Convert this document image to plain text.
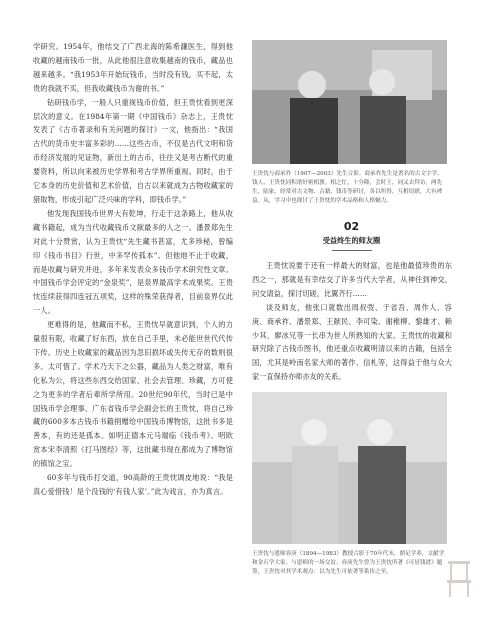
学研究。1954年，他结交了广西北海的陈希濂医生，得到他收藏的越南钱币一批，从此他很注意收集越南的钱币，藏品也越来越多。“我1953年开始玩钱币，当时没有钱，买不起，太贵的我就不买，但我收藏钱币为谢的书。”

钻研钱币学，一般人只重视钱币价值，但王贵忱看到更深层次的意义。在1984年第一期《中国钱币》杂志上，王贵忱发表了《古币著录和有关问题的探讨》一文，他指出：“我国古代的货币史丰富多彩的……这些古币，不仅是古代文明和货币经济发展的见证物，新出土的古币，往往又是考古断代的重要资料，所以向来被历史学界和考古学界所重视。同时，由于它本身的历史价值和艺术价值，自古以来就成为古物收藏家的猎取物，形成引起广泛兴味的学科，即钱币学。”

他发现我国钱币世界大有乾坤，行走于这条路上，他从收藏书籍起，成为当代收藏钱币文献最多的人之一。潘景郑先生对此十分赞赏，认为王贵忱“先生藏书甚富，尤多珍秘，曾编印《钱币书目》行世，中多罕传孤本”。但他地不止于收藏，而是收藏与研究并进，多年来发表众多钱币学术研究性文章。中国钱币学会评定的“金泉奖”，是泉界最高学术成果奖。王贵忱连续获得四连冠五项奖，这样的殊荣获得者，目前泉界仅此一人。

更难得的是，他藏而不私，王贵忱早就意识到，个人的力量很有限，收藏了好东西，放在自己手里，未必能世世代代传下传。历史上收藏家的藏品因为忽旧损坏或失传无存的数则很多。太可惜了。学术乃天下之公器，藏品为人类之财富，唯有化私为公，将这些东西交给国家、社会去管理、珍藏，方可使之为更多的学者后辈所学所用。20世纪90年代，当时已是中国钱币学会理事、广东省钱币学会副会长的王贵忱，将自己珍藏的600多本古钱币书籍捐赠给中国钱币博物馆，这批书多是善本，有的还是孤本。如明正德本元马端临《钱币考》、明欧赏本宋李清照《打马图经》等，这批藏书现在都成为了博物馆的镇馆之宝。

60多年与钱币打交道，90高龄的王贵忱调皮地说：“我是真心爱惜钱！是个没钱的‘有钱人家’。”此为戏言，亦为真言。

王贵忱与商承祚（1907—2003）先生合影。商承祚先生是著名的古文字学、钱人、王贵忱同积谐好密相旗。相之忙，十分隆，会时王，同又去拜访，两先生，陆家，经常对古文物、古籍、钱币等研讨，各以所得，互相切磋，大有裨益。从，学习中也探讨了王贵忱的学术品格和人格魅力。
02
受益终生的师友圈

王贵忱说要于还有一样最大的财富，也是他最值珍贵的东西之一，那就是有幸结交了许多当代大学者，从神往到神交，问交请益，探讨切磋，比翼齐行……

谈及师友，他张口就数出周叔弢、于省吾、周作人、容庚、商承祚、潘景郑、王献民、李可染、谢稚柳、黎雄才、赖少其、廖冰兄等一长串为世人所熟知的大家。王贵忱的收藏和研究除了古钱币图书，他还重点收藏明清以来的古籍，包括全国，尤其是岭南名家大师的著作、信札等，这得益于他与众大家一直保持亦师亦友的关系。

王贵忱与恩师容庚（1894—1983）教授合影于70年代末，鼎足学养，文献学和金石学大家。与恩师的一场交谊；容庚先生曾为王贵忱所著《可居钱谱》题签，王贵忱对其学术观点：以为先生可依著等系传之至。
